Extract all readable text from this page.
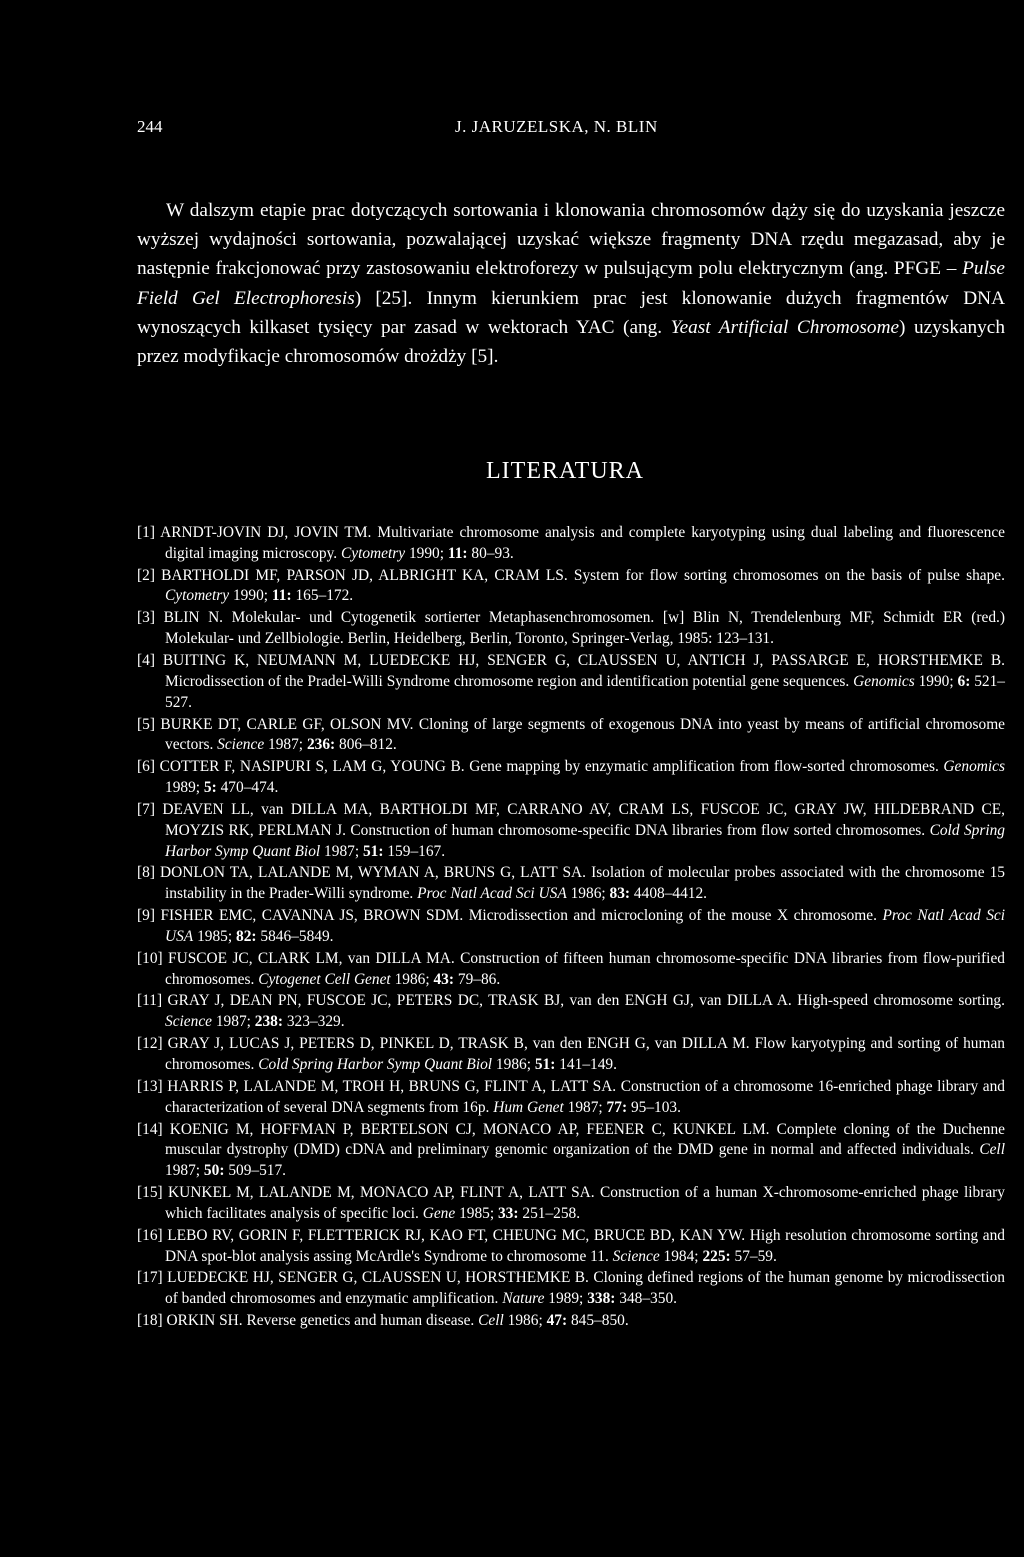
244	J. JARUZELSKA, N. BLIN

W dalszym etapie prac dotyczących sortowania i klonowania chromosomów dąży się do uzyskania jeszcze wyższej wydajności sortowania, pozwalającej uzyskać większe fragmenty DNA rzędu megazasad, aby je następnie frakcjonować przy zastosowaniu elektroforezy w pulsującym polu elektrycznym (ang. PFGE – Pulse Field Gel Electrophoresis) [25]. Innym kierunkiem prac jest klonowanie dużych fragmentów DNA wynoszących kilkaset tysięcy par zasad w wektorach YAC (ang. Yeast Artificial Chromosome) uzyskanych przez modyfikacje chromosomów drożdży [5].

LITERATURA
[1] ARNDT-JOVIN DJ, JOVIN TM. Multivariate chromosome analysis and complete karyotyping using dual labeling and fluorescence digital imaging microscopy. Cytometry 1990; 11: 80–93.
[2] BARTHOLDI MF, PARSON JD, ALBRIGHT KA, CRAM LS. System for flow sorting chromosomes on the basis of pulse shape. Cytometry 1990; 11: 165–172.
[3] BLIN N. Molekular- und Cytogenetik sortierter Metaphasenchromosomen. [w] Blin N, Trendelenburg MF, Schmidt ER (red.) Molekular- und Zellbiologie. Berlin, Heidelberg, Berlin, Toronto, Springer-Verlag, 1985: 123–131.
[4] BUITING K, NEUMANN M, LUEDECKE HJ, SENGER G, CLAUSSEN U, ANTICH J, PASSARGE E, HORSTHEMKE B. Microdissection of the Pradel-Willi Syndrome chromosome region and identification potential gene sequences. Genomics 1990; 6: 521–527.
[5] BURKE DT, CARLE GF, OLSON MV. Cloning of large segments of exogenous DNA into yeast by means of artificial chromosome vectors. Science 1987; 236: 806–812.
[6] COTTER F, NASIPURI S, LAM G, YOUNG B. Gene mapping by enzymatic amplification from flow-sorted chromosomes. Genomics 1989; 5: 470–474.
[7] DEAVEN LL, van DILLA MA, BARTHOLDI MF, CARRANO AV, CRAM LS, FUSCOE JC, GRAY JW, HILDEBRAND CE, MOYZIS RK, PERLMAN J. Construction of human chromosome-specific DNA libraries from flow sorted chromosomes. Cold Spring Harbor Symp Quant Biol 1987; 51: 159–167.
[8] DONLON TA, LALANDE M, WYMAN A, BRUNS G, LATT SA. Isolation of molecular probes associated with the chromosome 15 instability in the Prader-Willi syndrome. Proc Natl Acad Sci USA 1986; 83: 4408–4412.
[9] FISHER EMC, CAVANNA JS, BROWN SDM. Microdissection and microcloning of the mouse X chromosome. Proc Natl Acad Sci USA 1985; 82: 5846–5849.
[10] FUSCOE JC, CLARK LM, van DILLA MA. Construction of fifteen human chromosome-specific DNA libraries from flow-purified chromosomes. Cytogenet Cell Genet 1986; 43: 79–86.
[11] GRAY J, DEAN PN, FUSCOE JC, PETERS DC, TRASK BJ, van den ENGH GJ, van DILLA A. High-speed chromosome sorting. Science 1987; 238: 323–329.
[12] GRAY J, LUCAS J, PETERS D, PINKEL D, TRASK B, van den ENGH G, van DILLA M. Flow karyotyping and sorting of human chromosomes. Cold Spring Harbor Symp Quant Biol 1986; 51: 141–149.
[13] HARRIS P, LALANDE M, TROH H, BRUNS G, FLINT A, LATT SA. Construction of a chromosome 16-enriched phage library and characterization of several DNA segments from 16p. Hum Genet 1987; 77: 95–103.
[14] KOENIG M, HOFFMAN P, BERTELSON CJ, MONACO AP, FEENER C, KUNKEL LM. Complete cloning of the Duchenne muscular dystrophy (DMD) cDNA and preliminary genomic organization of the DMD gene in normal and affected individuals. Cell 1987; 50: 509–517.
[15] KUNKEL M, LALANDE M, MONACO AP, FLINT A, LATT SA. Construction of a human X-chromosome-enriched phage library which facilitates analysis of specific loci. Gene 1985; 33: 251–258.
[16] LEBO RV, GORIN F, FLETTERICK RJ, KAO FT, CHEUNG MC, BRUCE BD, KAN YW. High resolution chromosome sorting and DNA spot-blot analysis assing McArdle's Syndrome to chromosome 11. Science 1984; 225: 57–59.
[17] LUEDECKE HJ, SENGER G, CLAUSSEN U, HORSTHEMKE B. Cloning defined regions of the human genome by microdissection of banded chromosomes and enzymatic amplification. Nature 1989; 338: 348–350.
[18] ORKIN SH. Reverse genetics and human disease. Cell 1986; 47: 845–850.
